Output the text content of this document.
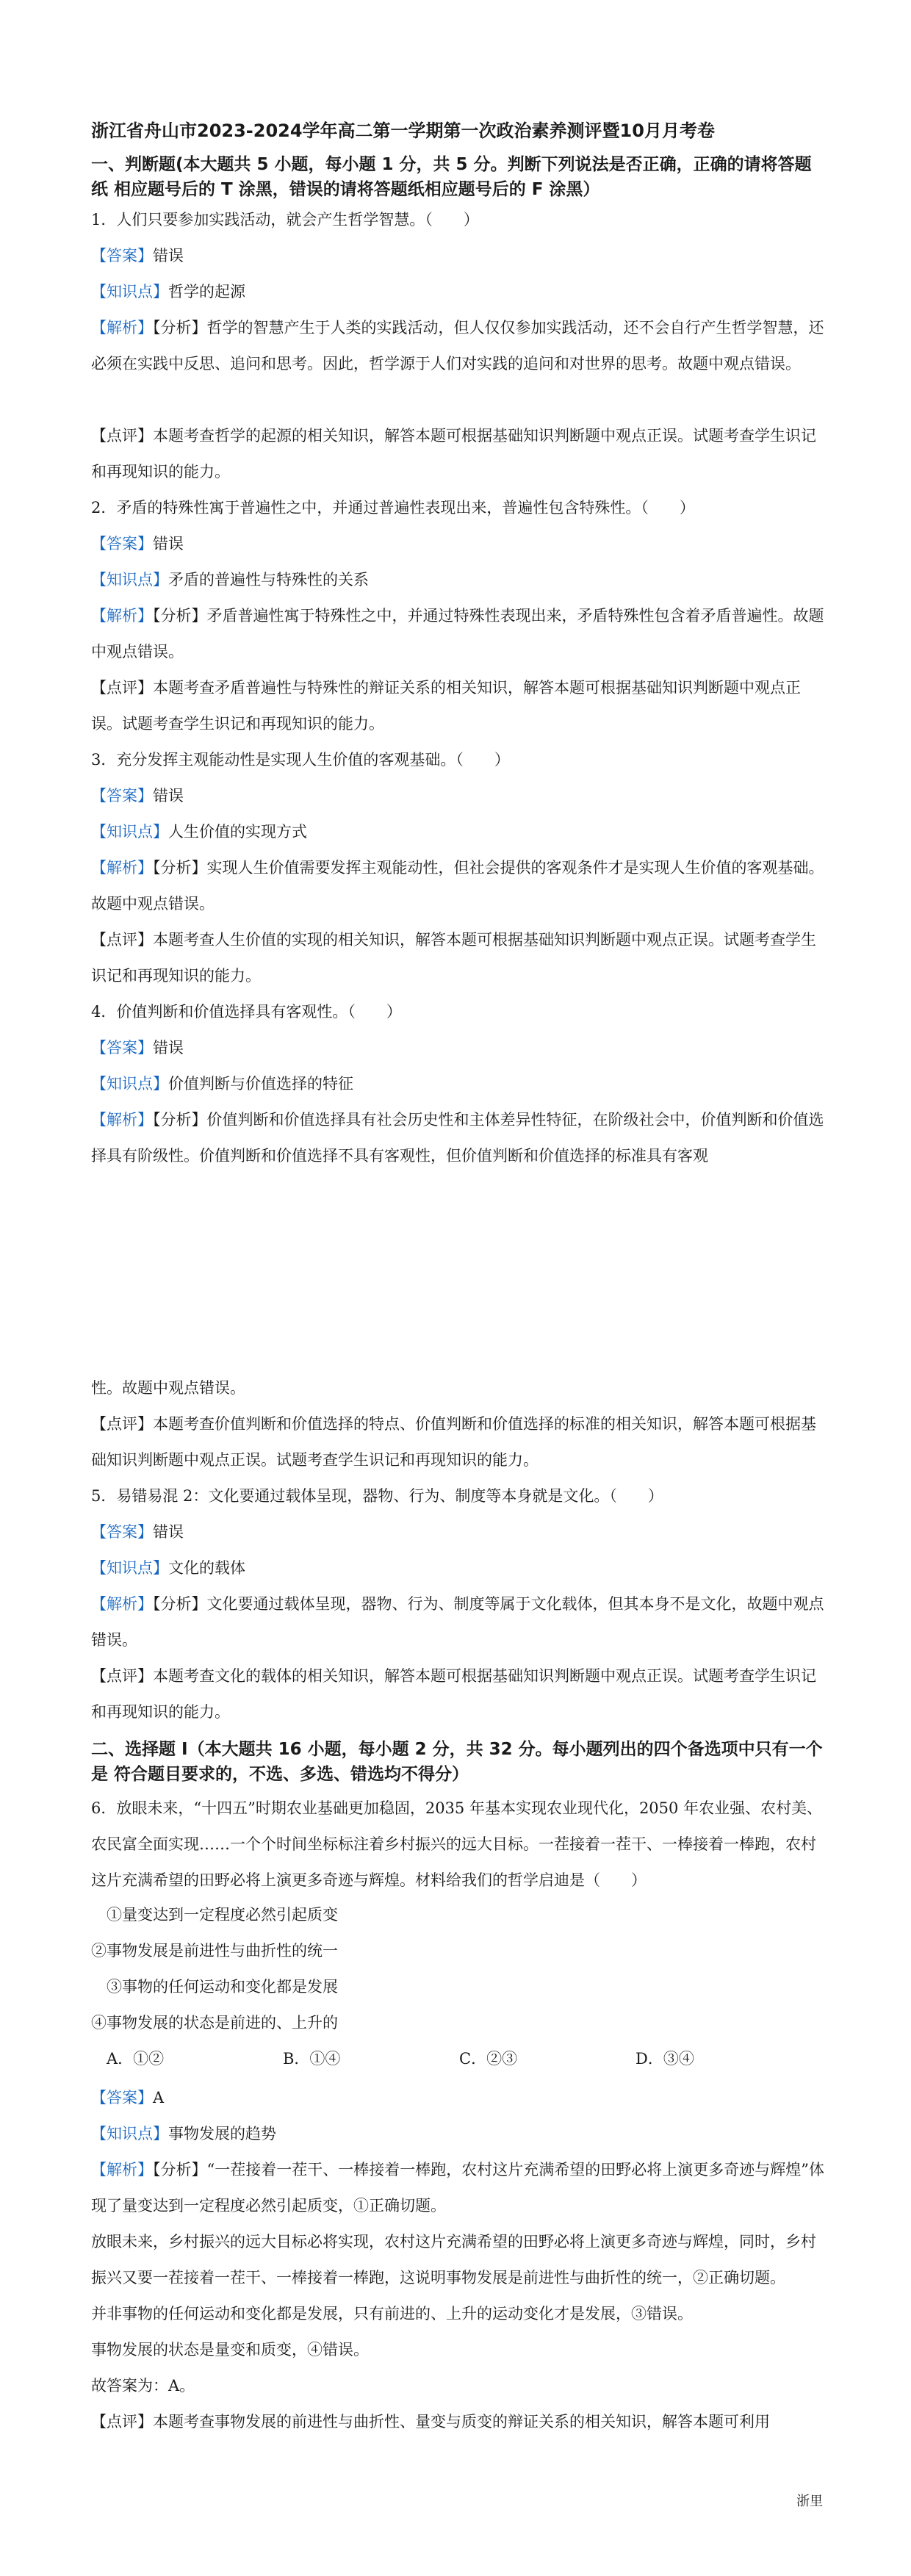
浙江省舟山市2023-2024学年高二第一学期第一次政治素养测评暨10月月考卷
一、判断题(本大题共 5 小题，每小题 1 分，共 5 分。判断下列说法是否正确，正确的请将答题纸 相应题号后的 T 涂黑，错误的请将答题纸相应题号后的 F 涂黑）
1．人们只要参加实践活动，就会产生哲学智慧。（　　）
【答案】错误
【知识点】哲学的起源
【解析】【分析】哲学的智慧产生于人类的实践活动，但人仅仅参加实践活动，还不会自行产生哲学智慧，还必须在实践中反思、追问和思考。因此，哲学源于人们对实践的追问和对世界的思考。故题中观点错误。
【点评】本题考查哲学的起源的相关知识，解答本题可根据基础知识判断题中观点正误。试题考查学生识记和再现知识的能力。
2．矛盾的特殊性寓于普遍性之中，并通过普遍性表现出来，普遍性包含特殊性。（　　）
【答案】错误
【知识点】矛盾的普遍性与特殊性的关系
【解析】【分析】矛盾普遍性寓于特殊性之中，并通过特殊性表现出来，矛盾特殊性包含着矛盾普遍性。故题中观点错误。
【点评】本题考查矛盾普遍性与特殊性的辩证关系的相关知识，解答本题可根据基础知识判断题中观点正误。试题考查学生识记和再现知识的能力。
3．充分发挥主观能动性是实现人生价值的客观基础。（　　）
【答案】错误
【知识点】人生价值的实现方式
【解析】【分析】实现人生价值需要发挥主观能动性，但社会提供的客观条件才是实现人生价值的客观基础。故题中观点错误。
【点评】本题考查人生价值的实现的相关知识，解答本题可根据基础知识判断题中观点正误。试题考查学生识记和再现知识的能力。
4．价值判断和价值选择具有客观性。（　　）
【答案】错误
【知识点】价值判断与价值选择的特征
【解析】【分析】价值判断和价值选择具有社会历史性和主体差异性特征，在阶级社会中，价值判断和价值选择具有阶级性。价值判断和价值选择不具有客观性，但价值判断和价值选择的标准具有客观
性。故题中观点错误。
【点评】本题考查价值判断和价值选择的特点、价值判断和价值选择的标准的相关知识，解答本题可根据基础知识判断题中观点正误。试题考查学生识记和再现知识的能力。
5．易错易混 2：文化要通过载体呈现，器物、行为、制度等本身就是文化。（　　）
【答案】错误
【知识点】文化的载体
【解析】【分析】文化要通过载体呈现，器物、行为、制度等属于文化载体，但其本身不是文化，故题中观点错误。
【点评】本题考查文化的载体的相关知识，解答本题可根据基础知识判断题中观点正误。试题考查学生识记和再现知识的能力。
二、选择题 Ⅰ（本大题共 16 小题，每小题 2 分，共 32 分。每小题列出的四个备选项中只有一个是 符合题目要求的，不选、多选、错选均不得分）
6．放眼未来，“十四五”时期农业基础更加稳固，2035 年基本实现农业现代化，2050 年农业强、农村美、农民富全面实现……一个个时间坐标标注着乡村振兴的远大目标。一茬接着一茬干、一棒接着一棒跑，农村这片充满希望的田野必将上演更多奇迹与辉煌。材料给我们的哲学启迪是（　　）
①量变达到一定程度必然引起质变
②事物发展是前进性与曲折性的统一
③事物的任何运动和变化都是发展
④事物发展的状态是前进的、上升的
A．①②	B．①④	C．②③	D．③④
【答案】A
【知识点】事物发展的趋势
【解析】【分析】“一茬接着一茬干、一棒接着一棒跑，农村这片充满希望的田野必将上演更多奇迹与辉煌”体现了量变达到一定程度必然引起质变，①正确切题。
放眼未来，乡村振兴的远大目标必将实现，农村这片充满希望的田野必将上演更多奇迹与辉煌，同时，乡村振兴又要一茬接着一茬干、一棒接着一棒跑，这说明事物发展是前进性与曲折性的统一，②正确切题。
并非事物的任何运动和变化都是发展，只有前进的、上升的运动变化才是发展，③错误。
事物发展的状态是量变和质变，④错误。
故答案为：A。
【点评】本题考查事物发展的前进性与曲折性、量变与质变的辩证关系的相关知识，解答本题可利用
浙里
